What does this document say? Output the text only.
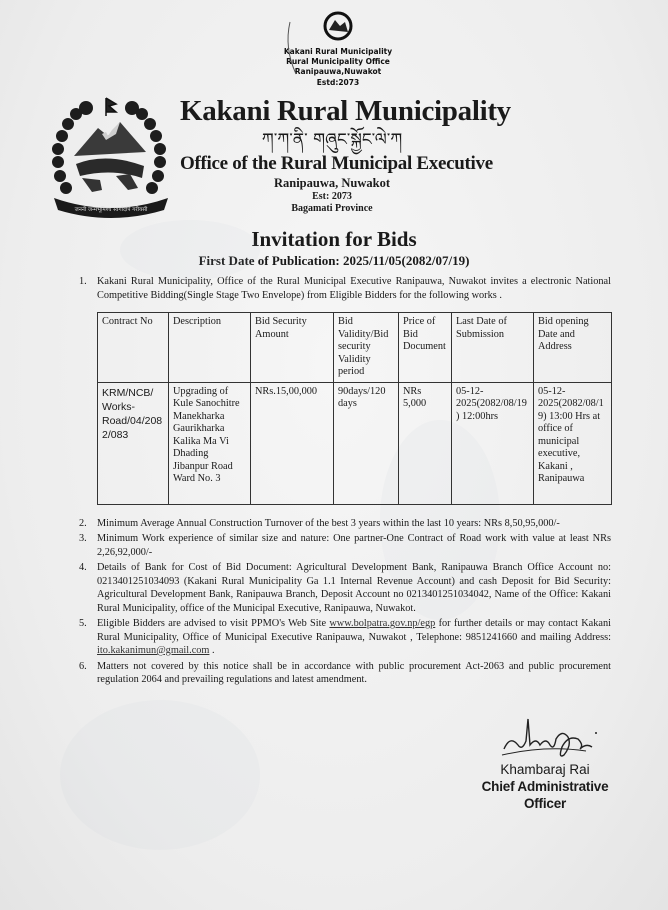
Kakani Rural Municipality
Rural Municipality Office
Ranipauwa,Nuwakot
Estd:2073
जननी जन्मभूमिश्च स्वर्गादपि गरीयसी
Kakani Rural Municipality
ཀ་ཀ་ནི་ གཞུང་སྐྱོང་ལེ་ཀ
Office of the Rural Municipal Executive
Ranipauwa, Nuwakot
Est: 2073
Bagamati Province
Invitation for Bids
First Date of Publication: 2025/11/05(2082/07/19)
1. Kakani Rural Municipality, Office of the Rural Municipal Executive Ranipauwa, Nuwakot invites a electronic National Competitive Bidding(Single Stage Two Envelope) from Eligible Bidders for the following works .
Contract No	Description	Bid Security Amount	Bid Validity/Bid security Validity period	Price of Bid Document	Last Date of Submission	Bid opening Date and Address
KRM/NCB/ Works-Road/04/2082/083	Upgrading of Kule Sanochitre Manekharka Gaurikharka Kalika Ma Vi Dhading Jibanpur Road Ward No. 3	NRs.15,00,000	90days/120 days	NRs 5,000	05-12-2025(2082/08/19) 12:00hrs	05-12-2025(2082/08/19) 13:00 Hrs at office of municipal executive, Kakani , Ranipauwa
2. Minimum Average Annual Construction Turnover of the best 3 years within the last 10 years: NRs 8,50,95,000/-
3. Minimum Work experience of similar size and nature: One partner-One Contract of Road work with value at least NRs 2,26,92,000/-
4. Details of Bank for Cost of Bid Document: Agricultural Development Bank, Ranipauwa Branch Office Account no: 0213401251034093 (Kakani Rural Municipality Ga 1.1 Internal Revenue Account) and cash Deposit for Bid Security: Agricultural Development Bank, Ranipauwa Branch, Deposit Account no 0213401251034042, Name of the Office: Kakani Rural Municipality, office of the Municipal Executive, Ranipauwa, Nuwakot.
5. Eligible Bidders are advised to visit PPMO's Web Site www.bolpatra.gov.np/egp for further details or may contact Kakani Rural Municipality, Office of Municipal Executive Ranipauwa, Nuwakot , Telephone: 9851241660 and mailing Address: ito.kakanimun@gmail.com .
6. Matters not covered by this notice shall be in accordance with public procurement Act-2063 and public procurement regulation 2064 and prevailing regulations and latest amendment.
Khambaraj Rai
Chief Administrative Officer
